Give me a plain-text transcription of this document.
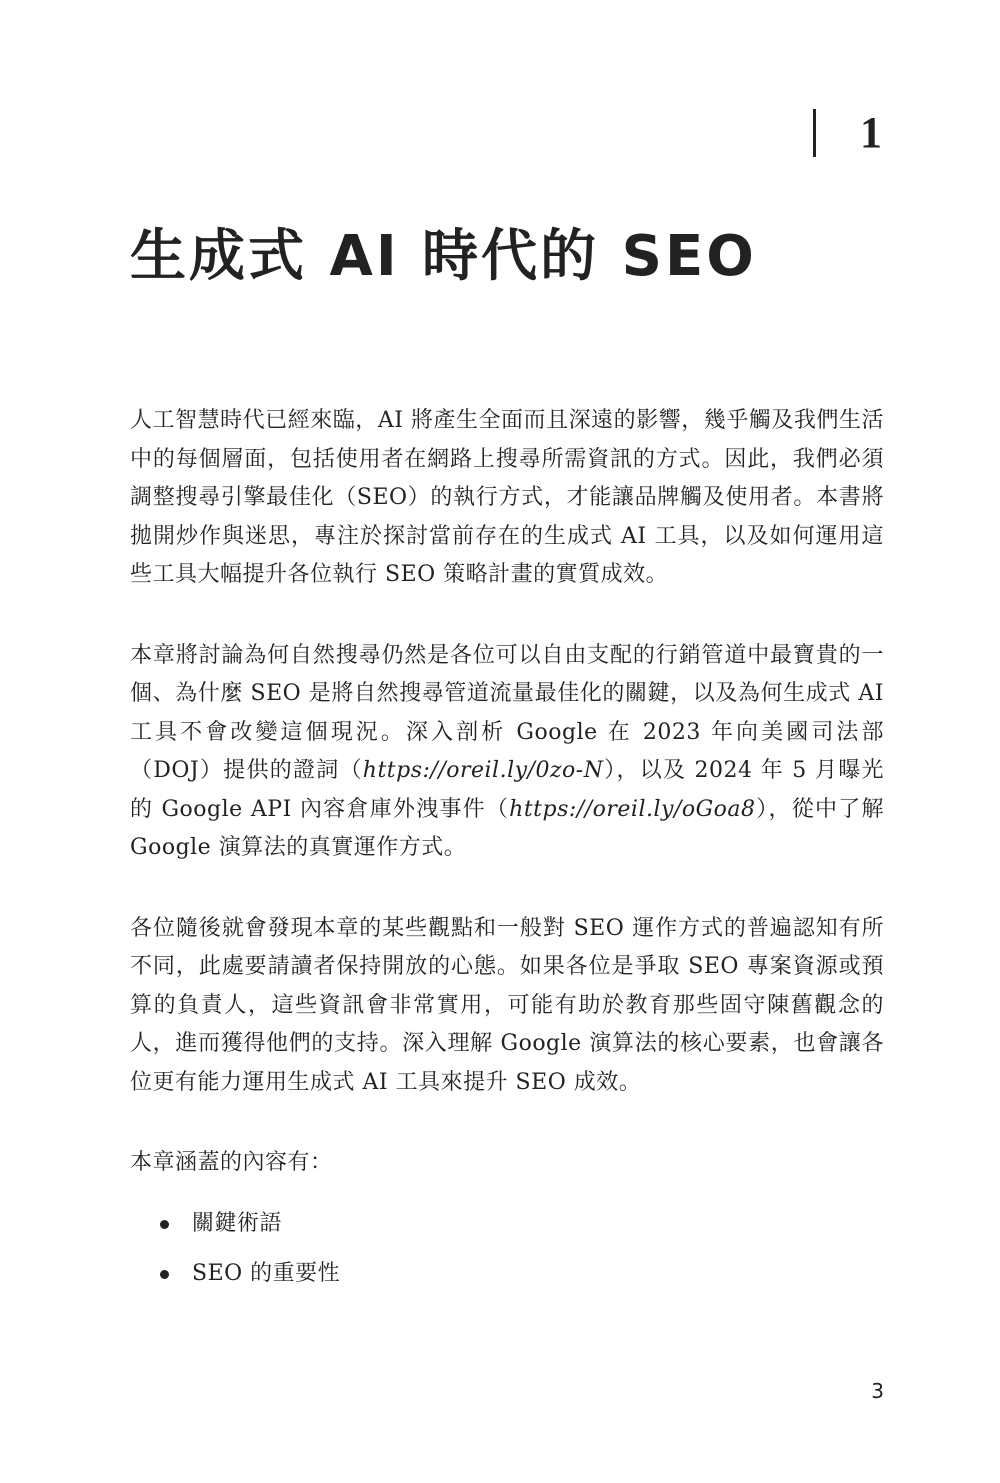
1
生成式 AI 時代的 SEO

人工智慧時代已經來臨，AI 將產生全面而且深遠的影響，幾乎觸及我們生活中的每個層面，包括使用者在網路上搜尋所需資訊的方式。因此，我們必須調整搜尋引擎最佳化（SEO）的執行方式，才能讓品牌觸及使用者。本書將拋開炒作與迷思，專注於探討當前存在的生成式 AI 工具，以及如何運用這些工具大幅提升各位執行 SEO 策略計畫的實質成效。

本章將討論為何自然搜尋仍然是各位可以自由支配的行銷管道中最寶貴的一個、為什麼 SEO 是將自然搜尋管道流量最佳化的關鍵，以及為何生成式 AI 工具不會改變這個現況。深入剖析 Google 在 2023 年向美國司法部（DOJ）提供的證詞（https://oreil.ly/0zo-N），以及 2024 年 5 月曝光的 Google API 內容倉庫外洩事件（https://oreil.ly/oGoa8），從中了解 Google 演算法的真實運作方式。

各位隨後就會發現本章的某些觀點和一般對 SEO 運作方式的普遍認知有所不同，此處要請讀者保持開放的心態。如果各位是爭取 SEO 專案資源或預算的負責人，這些資訊會非常實用，可能有助於教育那些固守陳舊觀念的人，進而獲得他們的支持。深入理解 Google 演算法的核心要素，也會讓各位更有能力運用生成式 AI 工具來提升 SEO 成效。

本章涵蓋的內容有：

關鍵術語
SEO 的重要性
3
